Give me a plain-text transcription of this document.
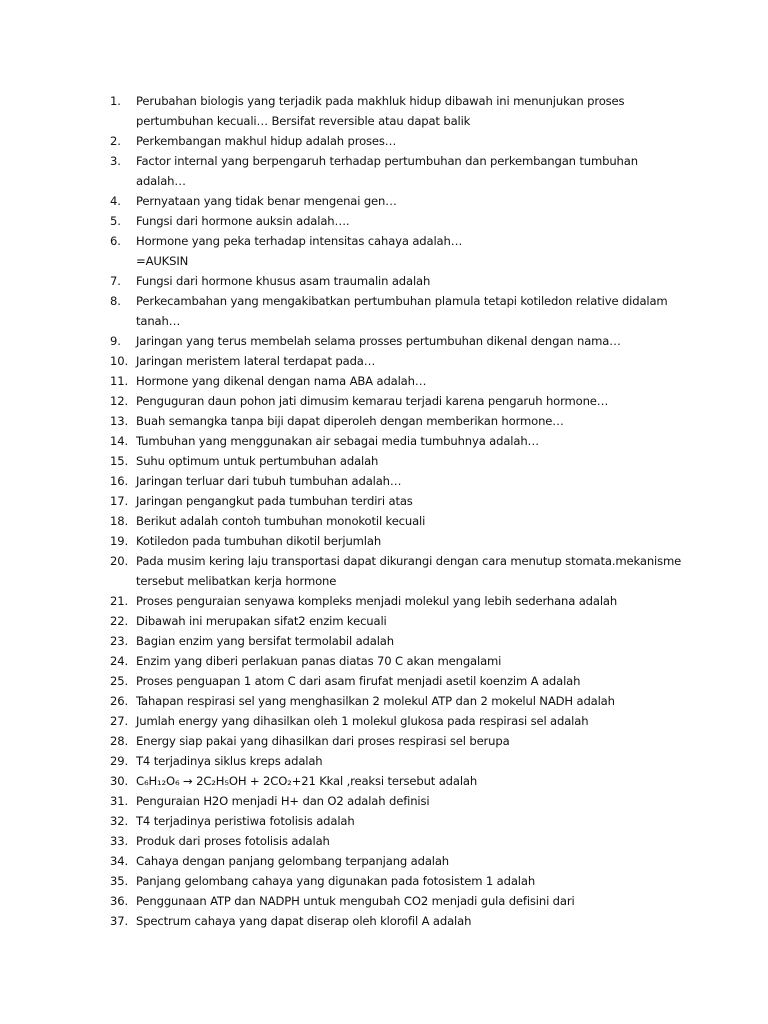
1.	Perubahan biologis yang terjadik pada makhluk hidup dibawah ini menunjukan proses
pertumbuhan kecuali… Bersifat reversible atau dapat balik
2.	Perkembangan makhul hidup adalah proses…
3.	Factor internal yang berpengaruh terhadap pertumbuhan dan perkembangan tumbuhan
adalah…
4.	Pernyataan yang tidak benar mengenai gen…
5.	Fungsi dari hormone auksin adalah….
6.	Hormone yang peka terhadap intensitas cahaya adalah…
=AUKSIN
7.	Fungsi dari hormone khusus asam traumalin adalah
8.	Perkecambahan yang mengakibatkan pertumbuhan plamula tetapi kotiledon relative didalam
tanah…
9.	Jaringan yang terus membelah selama prosses pertumbuhan dikenal dengan nama…
10. Jaringan meristem lateral terdapat pada…
11. Hormone yang dikenal dengan nama ABA adalah…
12. Penguguran daun pohon jati dimusim kemarau terjadi karena pengaruh hormone…
13. Buah semangka tanpa biji dapat diperoleh dengan memberikan hormone…
14. Tumbuhan yang menggunakan air sebagai media tumbuhnya adalah…
15. Suhu optimum untuk pertumbuhan adalah
16. Jaringan terluar dari tubuh tumbuhan adalah…
17. Jaringan pengangkut pada tumbuhan terdiri atas
18. Berikut adalah contoh tumbuhan monokotil kecuali
19. Kotiledon pada tumbuhan dikotil berjumlah
20. Pada musim kering laju transportasi dapat dikurangi dengan cara menutup stomata.mekanisme
tersebut melibatkan kerja hormone
21. Proses penguraian senyawa kompleks menjadi molekul yang lebih sederhana adalah
22. Dibawah ini merupakan sifat2 enzim kecuali
23. Bagian enzim yang bersifat termolabil adalah
24. Enzim yang diberi perlakuan panas diatas 70 C akan mengalami
25. Proses penguapan 1 atom C dari asam firufat menjadi asetil koenzim A adalah
26. Tahapan respirasi sel yang menghasilkan 2 molekul ATP dan 2 mokelul NADH adalah
27. Jumlah energy yang dihasilkan oleh 1 molekul glukosa pada respirasi sel adalah
28. Energy siap pakai yang dihasilkan dari proses respirasi sel berupa
29. T4 terjadinya siklus kreps adalah
30. C₆H₁₂O₆ → 2C₂H₅OH + 2CO₂+21 Kkal ,reaksi tersebut adalah
31. Penguraian H2O menjadi H+ dan O2 adalah definisi
32. T4 terjadinya peristiwa fotolisis adalah
33. Produk dari proses fotolisis adalah
34. Cahaya dengan panjang gelombang terpanjang adalah
35. Panjang gelombang cahaya yang digunakan pada fotosistem 1 adalah
36. Penggunaan ATP dan NADPH untuk mengubah CO2 menjadi gula defisini dari
37. Spectrum cahaya yang dapat diserap oleh klorofil A adalah
